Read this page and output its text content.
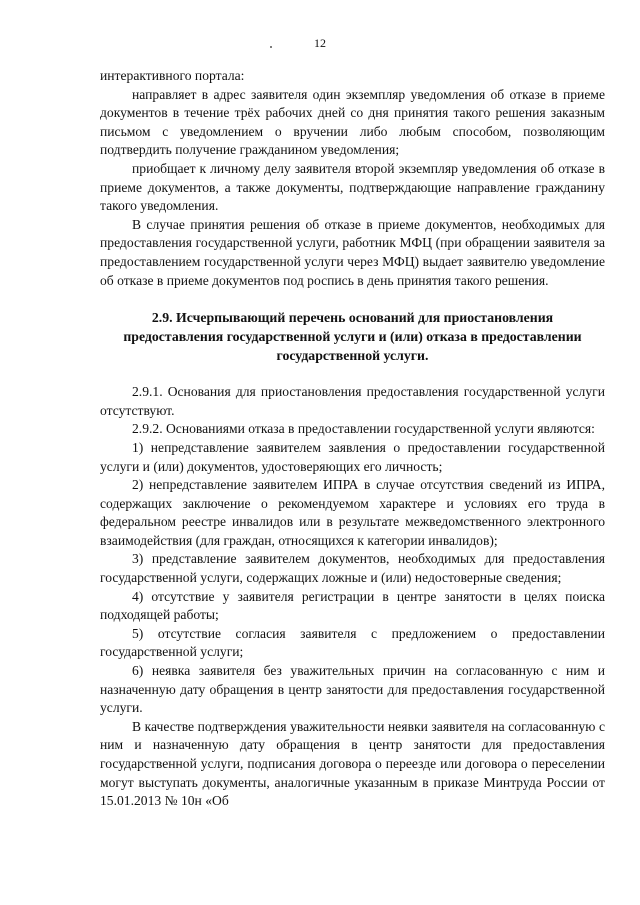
12

интерактивного портала:

направляет в адрес заявителя один экземпляр уведомления об отказе в приеме документов в течение трёх рабочих дней со дня принятия такого решения заказным письмом с уведомлением о вручении либо любым способом, позволяющим подтвердить получение гражданином уведомления;

приобщает к личному делу заявителя второй экземпляр уведомления об отказе в приеме документов, а также документы, подтверждающие направление гражданину такого уведомления.

В случае принятия решения об отказе в приеме документов, необходимых для предоставления государственной услуги, работник МФЦ (при обращении заявителя за предоставлением государственной услуги через МФЦ) выдает заявителю уведомление об отказе в приеме документов под роспись в день принятия такого решения.

2.9. Исчерпывающий перечень оснований для приостановления предоставления государственной услуги и (или) отказа в предоставлении государственной услуги.

2.9.1. Основания для приостановления предоставления государственной услуги отсутствуют.

2.9.2. Основаниями отказа в предоставлении государственной услуги являются:

1) непредставление заявителем заявления о предоставлении государственной услуги и (или) документов, удостоверяющих его личность;

2) непредставление заявителем ИПРА в случае отсутствия сведений из ИПРА, содержащих заключение о рекомендуемом характере и условиях его труда в федеральном реестре инвалидов или в результате межведомственного электронного взаимодействия (для граждан, относящихся к категории инвалидов);

3) представление заявителем документов, необходимых для предоставления государственной услуги, содержащих ложные и (или) недостоверные сведения;

4) отсутствие у заявителя регистрации в центре занятости в целях поиска подходящей работы;

5) отсутствие согласия заявителя с предложением о предоставлении государственной услуги;

6) неявка заявителя без уважительных причин на согласованную с ним и назначенную дату обращения в центр занятости для предоставления государственной услуги.

В качестве подтверждения уважительности неявки заявителя на согласованную с ним и назначенную дату обращения в центр занятости для предоставления государственной услуги, подписания договора о переезде или договора о переселении могут выступать документы, аналогичные указанным в приказе Минтруда России от 15.01.2013 № 10н «Об
